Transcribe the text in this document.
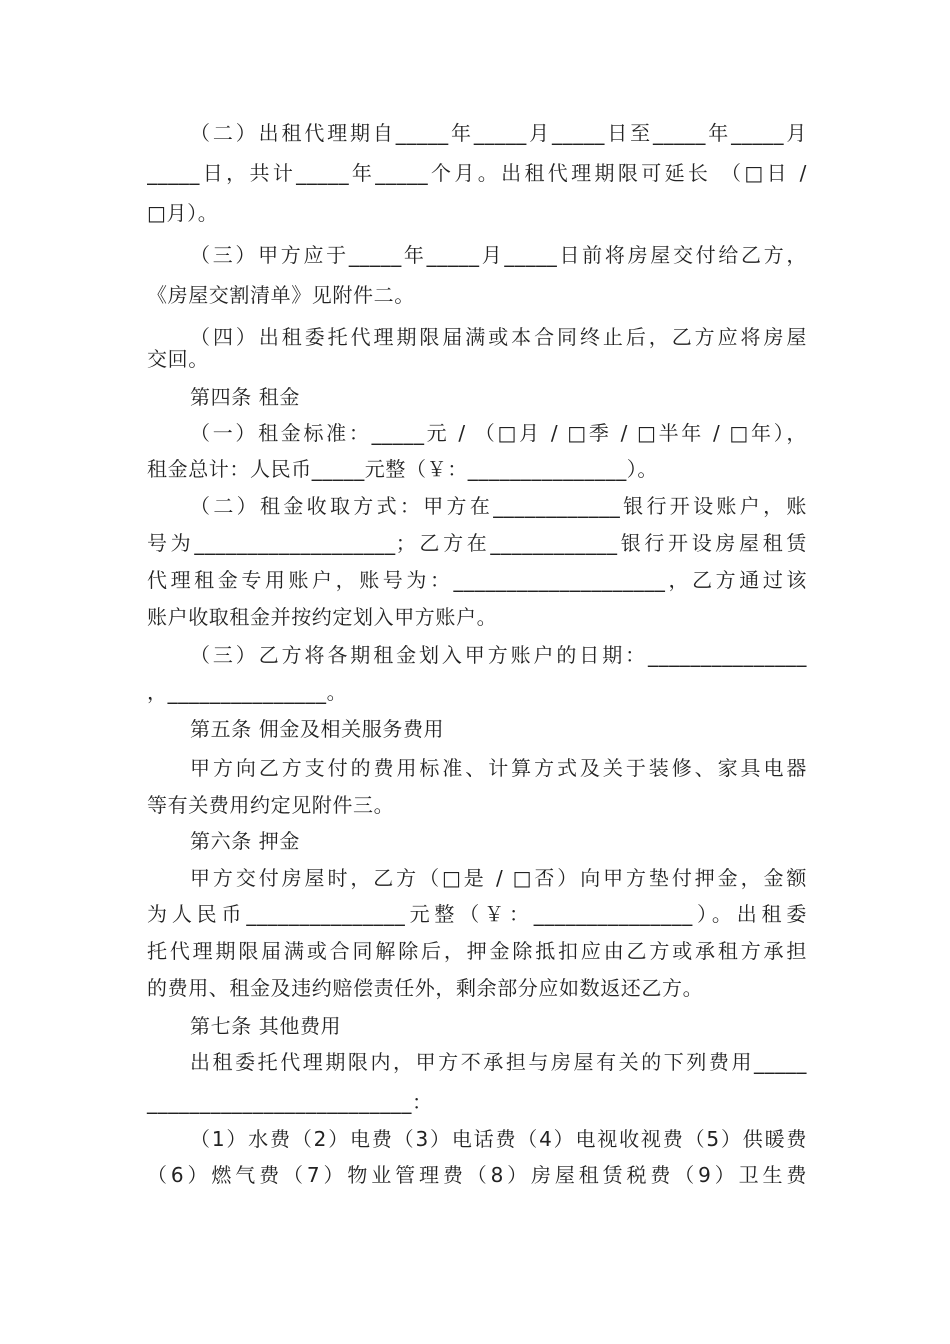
（二）出租代理期自_____年_____月_____日至_____年_____月
_____日，共计_____年_____个月。出租代理期限可延长 （□日 /
□月）。
（三）甲方应于_____年_____月_____日前将房屋交付给乙方，
《房屋交割清单》见附件二。
（四）出租委托代理期限届满或本合同终止后，乙方应将房屋
交回。
第四条 租金
（一）租金标准：_____元 / （□月 / □季 / □半年 / □年），
租金总计：人民币_____元整（￥：_______________）。
（二）租金收取方式：甲方在____________银行开设账户，账
号为___________________；乙方在____________银行开设房屋租赁
代理租金专用账户，账号为：____________________，乙方通过该
账户收取租金并按约定划入甲方账户。
（三）乙方将各期租金划入甲方账户的日期：_______________
，_______________。
第五条 佣金及相关服务费用
甲方向乙方支付的费用标准、计算方式及关于装修、家具电器
等有关费用约定见附件三。
第六条 押金
甲方交付房屋时，乙方（□是 / □否）向甲方垫付押金，金额
为人民币_______________元整（￥：_______________）。出租委
托代理期限届满或合同解除后，押金除抵扣应由乙方或承租方承担
的费用、租金及违约赔偿责任外，剩余部分应如数返还乙方。
第七条 其他费用
出租委托代理期限内，甲方不承担与房屋有关的下列费用_____
_________________________：
（1）水费（2）电费（3）电话费（4）电视收视费（5）供暖费
（6）燃气费（7）物业管理费（8）房屋租赁税费（9）卫生费
